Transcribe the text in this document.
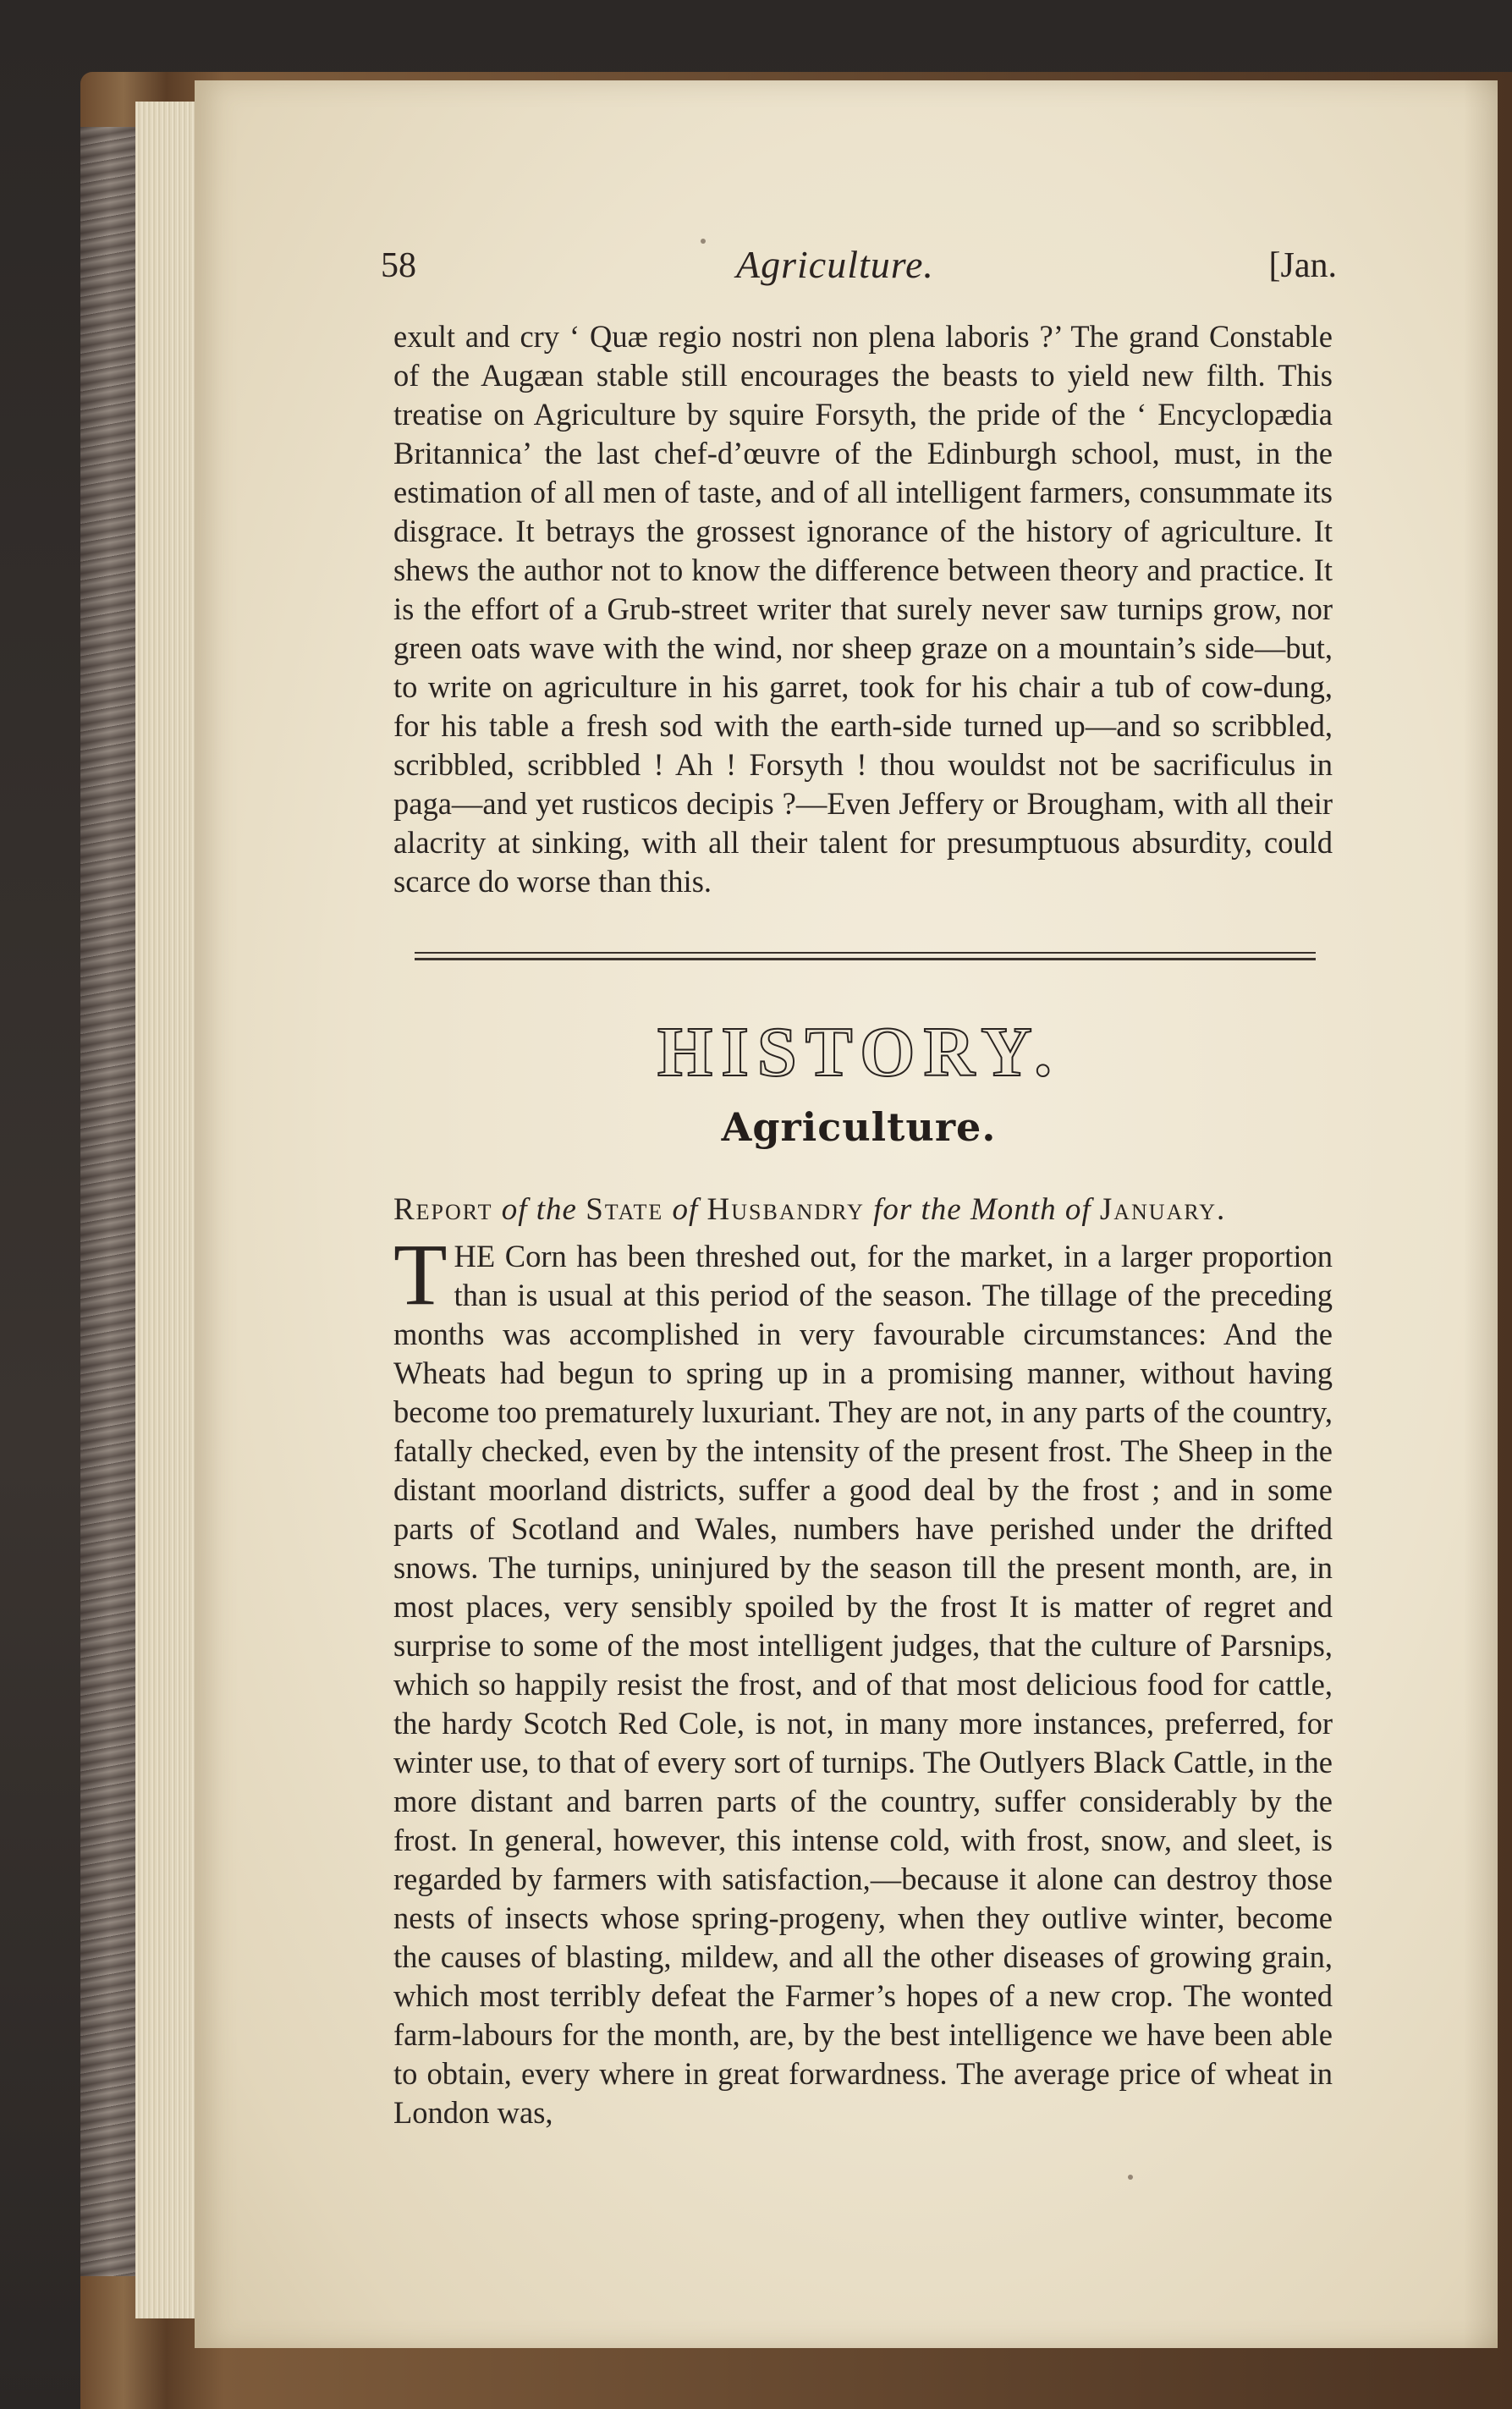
58	Agriculture.	[Jan.

exult and cry ‘ Quæ regio nostri non plena laboris ?’ The grand Constable of the Augæan stable still encourages the beasts to yield new filth. This treatise on Agriculture by squire Forsyth, the pride of the ‘ Encyclopædia Britannica’ the last chef-d’œuvre of the Edinburgh school, must, in the estimation of all men of taste, and of all intelligent farmers, consummate its disgrace. It betrays the grossest ignorance of the history of agriculture. It shews the author not to know the difference between theory and practice. It is the effort of a Grub-street writer that surely never saw turnips grow, nor green oats wave with the wind, nor sheep graze on a mountain’s side—but, to write on agriculture in his garret, took for his chair a tub of cow-dung, for his table a fresh sod with the earth-side turned up—and so scribbled, scribbled, scribbled ! Ah ! Forsyth ! thou wouldst not be sacrificulus in paga—and yet rusticos decipis ?—Even Jeffery or Brougham, with all their alacrity at sinking, with all their talent for presumptuous absurdity, could scarce do worse than this.

HISTORY.
Agriculture.
Report of the State of Husbandry for the Month of January.
T HE Corn has been threshed out, for the market, in a larger proportion than is usual at this period of the season. The tillage of the preceding months was accomplished in very favourable circumstances: And the Wheats had begun to spring up in a promising manner, without having become too prematurely luxuriant. They are not, in any parts of the country, fatally checked, even by the intensity of the present frost. The Sheep in the distant moorland districts, suffer a good deal by the frost ; and in some parts of Scotland and Wales, numbers have perished under the drifted snows. The turnips, uninjured by the season till the present month, are, in most places, very sensibly spoiled by the frost It is matter of regret and surprise to some of the most intelligent judges, that the culture of Parsnips, which so happily resist the frost, and of that most delicious food for cattle, the hardy Scotch Red Cole, is not, in many more instances, preferred, for winter use, to that of every sort of turnips. The Outlyers Black Cattle, in the more distant and barren parts of the country, suffer considerably by the frost. In general, however, this intense cold, with frost, snow, and sleet, is regarded by farmers with satisfaction,—because it alone can destroy those nests of insects whose spring-progeny, when they outlive winter, become the causes of blasting, mildew, and all the other diseases of growing grain, which most terribly defeat the Farmer’s hopes of a new crop. The wonted farm-labours for the month, are, by the best intelligence we have been able to obtain, every where in great forwardness. The average price of wheat in London was,
